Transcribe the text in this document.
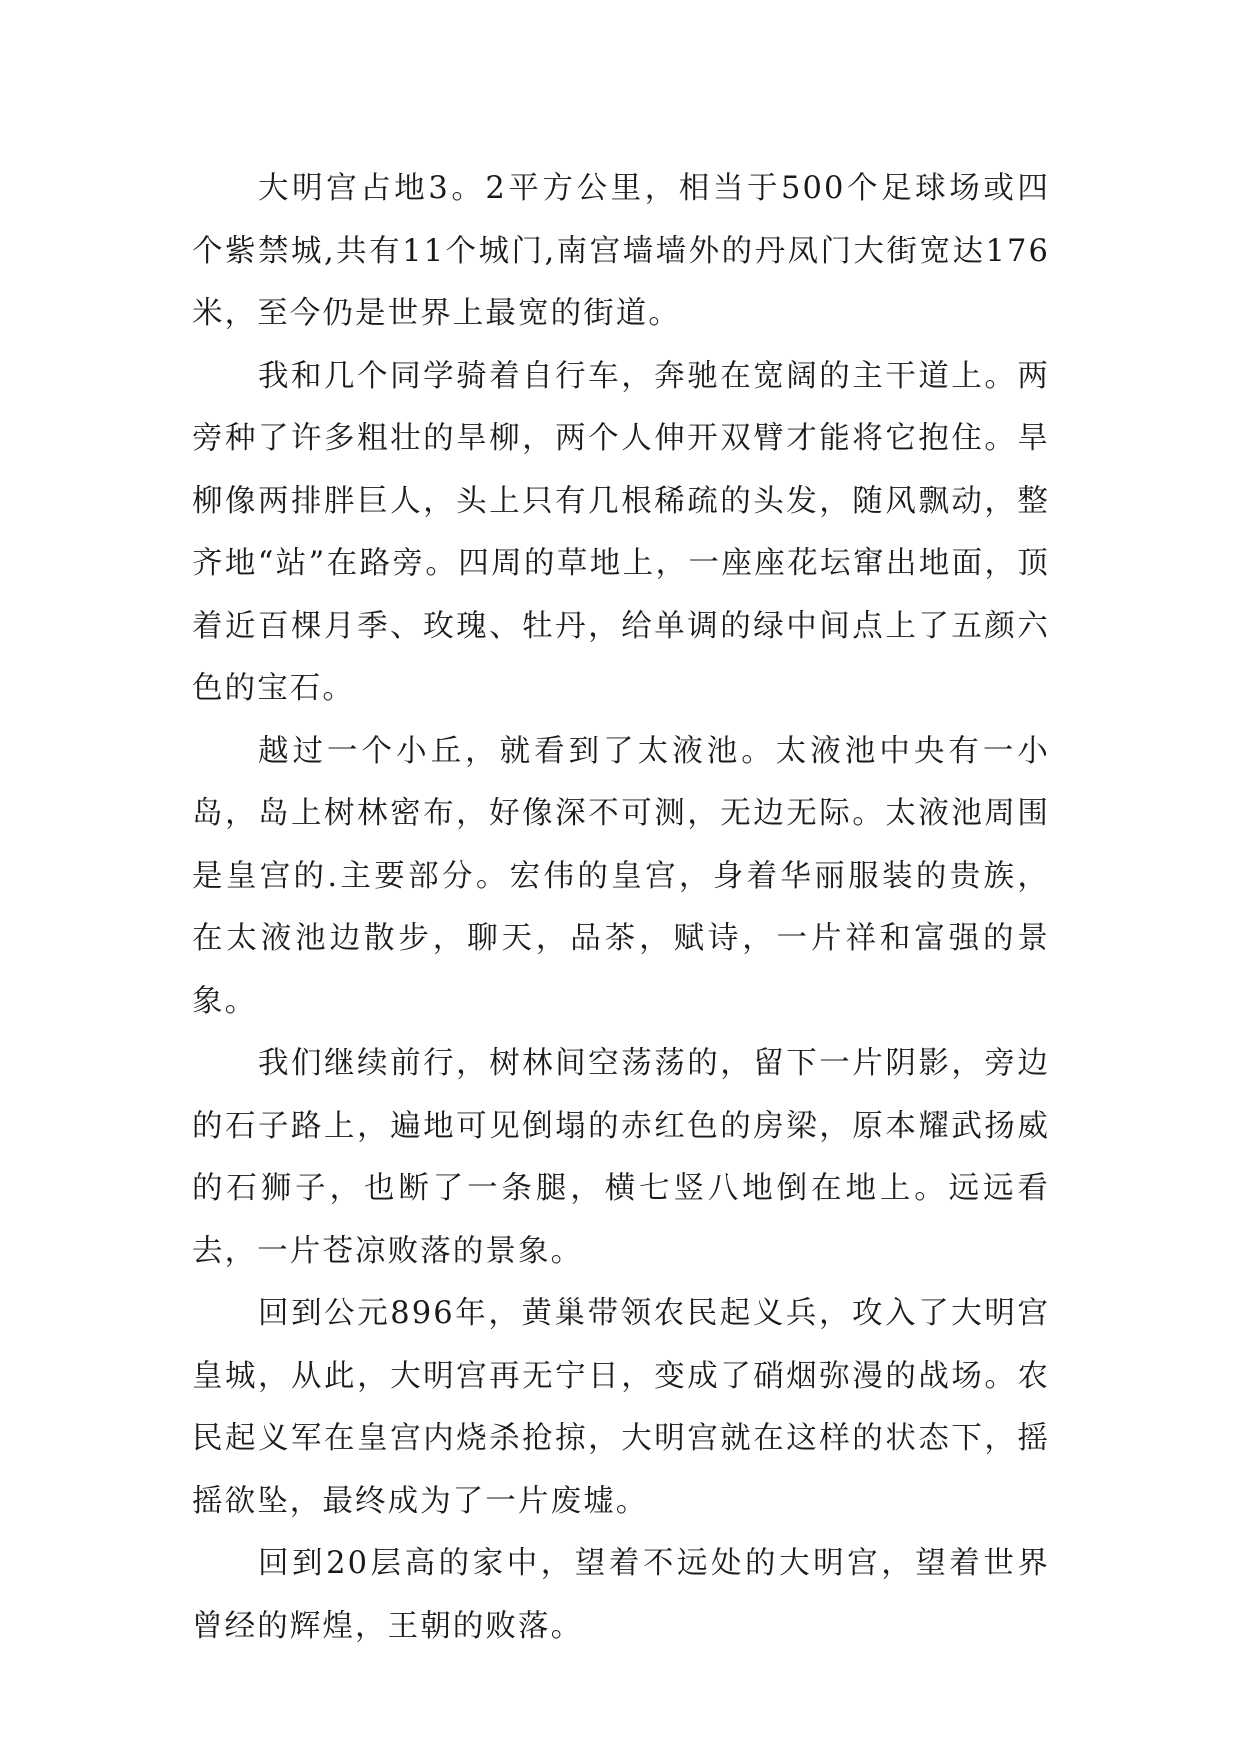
大明宫占地3。2平方公里，相当于500个足球场或四个紫禁城,共有11个城门,南宫墙墙外的丹凤门大街宽达176米，至今仍是世界上最宽的街道。

我和几个同学骑着自行车，奔驰在宽阔的主干道上。两旁种了许多粗壮的旱柳，两个人伸开双臂才能将它抱住。旱柳像两排胖巨人，头上只有几根稀疏的头发，随风飘动，整齐地“站”在路旁。四周的草地上，一座座花坛窜出地面，顶着近百棵月季、玫瑰、牡丹，给单调的绿中间点上了五颜六色的宝石。

越过一个小丘，就看到了太液池。太液池中央有一小岛，岛上树林密布，好像深不可测，无边无际。太液池周围是皇宫的.主要部分。宏伟的皇宫，身着华丽服装的贵族，在太液池边散步，聊天，品茶，赋诗，一片祥和富强的景象。

我们继续前行，树林间空荡荡的，留下一片阴影，旁边的石子路上，遍地可见倒塌的赤红色的房梁，原本耀武扬威的石狮子，也断了一条腿，横七竖八地倒在地上。远远看去，一片苍凉败落的景象。

回到公元896年，黄巢带领农民起义兵，攻入了大明宫皇城，从此，大明宫再无宁日，变成了硝烟弥漫的战场。农民起义军在皇宫内烧杀抢掠，大明宫就在这样的状态下，摇摇欲坠，最终成为了一片废墟。

回到20层高的家中，望着不远处的大明宫，望着世界曾经的辉煌，王朝的败落。
